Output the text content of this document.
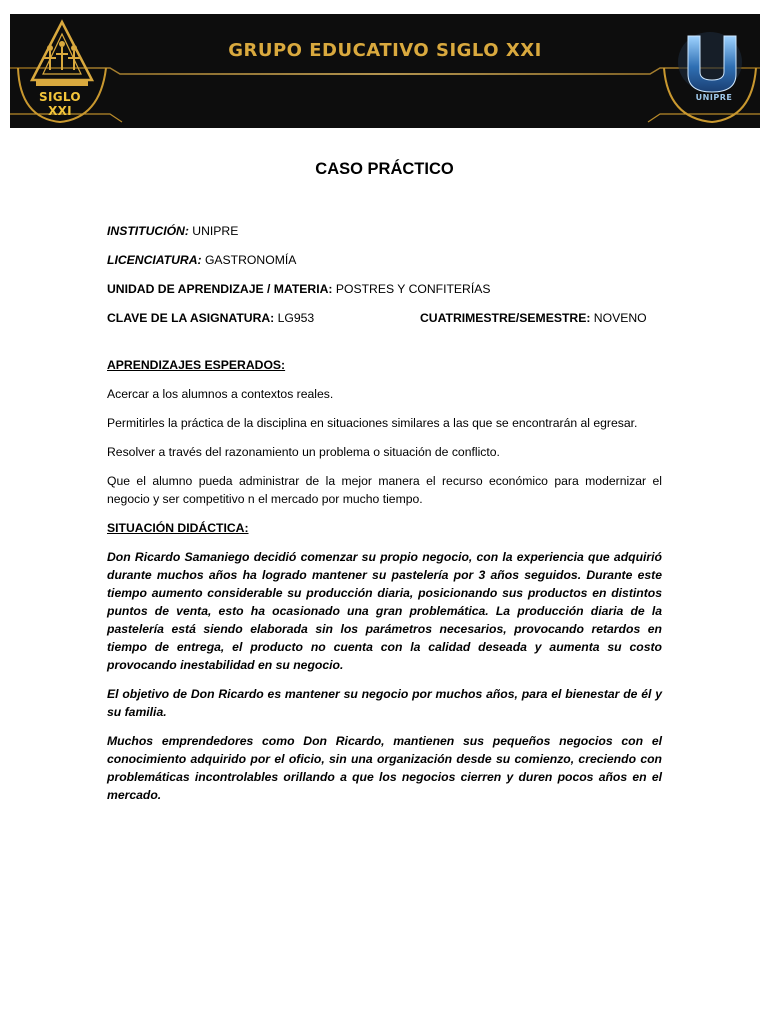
GRUPO EDUCATIVO SIGLO XXI
SIGLO XXI
UNIPRE
CASO PRÁCTICO
INSTITUCIÓN: UNIPRE
LICENCIATURA: GASTRONOMÍA
UNIDAD DE APRENDIZAJE / MATERIA: POSTRES Y CONFITERÍAS
CLAVE DE LA ASIGNATURA: LG953	CUATRIMESTRE/SEMESTRE: NOVENO
APRENDIZAJES ESPERADOS:
Acercar a los alumnos a contextos reales.
Permitirles la práctica de la disciplina en situaciones similares a las que se encontrarán al egresar.
Resolver a través del razonamiento un problema o situación de conflicto.
Que el alumno pueda administrar de la mejor manera el recurso económico para modernizar el negocio y ser competitivo n el mercado por mucho tiempo.
SITUACIÓN DIDÁCTICA:
Don Ricardo Samaniego decidió comenzar su propio negocio, con la experiencia que adquirió durante muchos años ha logrado mantener su pastelería por 3 años seguidos. Durante este tiempo aumento considerable su producción diaria, posicionando sus productos en distintos puntos de venta, esto ha ocasionado una gran problemática. La producción diaria de la pastelería está siendo elaborada sin los parámetros necesarios, provocando retardos en tiempo de entrega, el producto no cuenta con la calidad deseada y aumenta su costo provocando inestabilidad en su negocio.
El objetivo de Don Ricardo es mantener su negocio por muchos años, para el bienestar de él y su familia.
Muchos emprendedores como Don Ricardo, mantienen sus pequeños negocios con el conocimiento adquirido por el oficio, sin una organización desde su comienzo, creciendo con problemáticas incontrolables orillando a que los negocios cierren y duren pocos años en el mercado.
